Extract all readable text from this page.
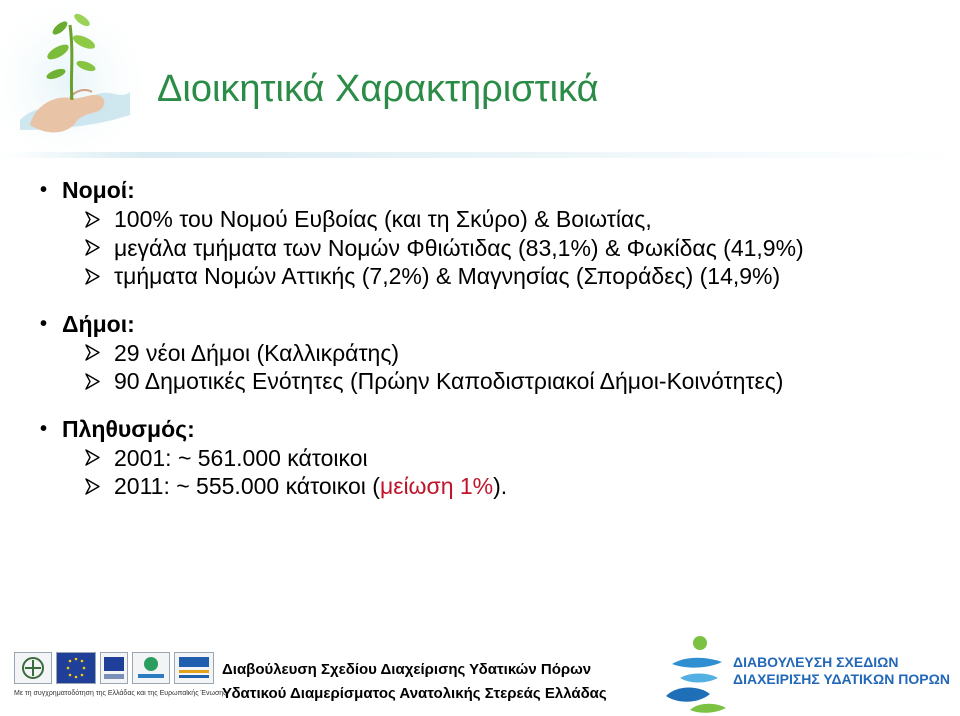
Διοικητικά Χαρακτηριστικά
• Νομοί:
100% του Νομού Ευβοίας (και τη Σκύρο) & Βοιωτίας,
μεγάλα τμήματα των Νομών Φθιώτιδας (83,1%) & Φωκίδας (41,9%)
τμήματα Νομών Αττικής (7,2%) & Μαγνησίας (Σποράδες) (14,9%)
• Δήμοι:
29 νέοι Δήμοι (Καλλικράτης)
90 Δημοτικές Ενότητες (Πρώην Καποδιστριακοί Δήμοι-Κοινότητες)
• Πληθυσμός:
2001: ~ 561.000 κάτοικοι
2011: ~ 555.000 κάτοικοι ( μείωση 1% ).
Με τη συγχρηματοδότηση της Ελλάδας και της Ευρωπαϊκής Ένωσης
Διαβούλευση Σχεδίου Διαχείρισης Υδατικών Πόρων
Υδατικού Διαμερίσματος Ανατολικής Στερεάς Ελλάδας
ΔΙΑΒΟΥΛΕΥΣΗ ΣΧΕΔΙΩΝ
ΔΙΑΧΕΙΡΙΣΗΣ ΥΔΑΤΙΚΩΝ ΠΟΡΩΝ
